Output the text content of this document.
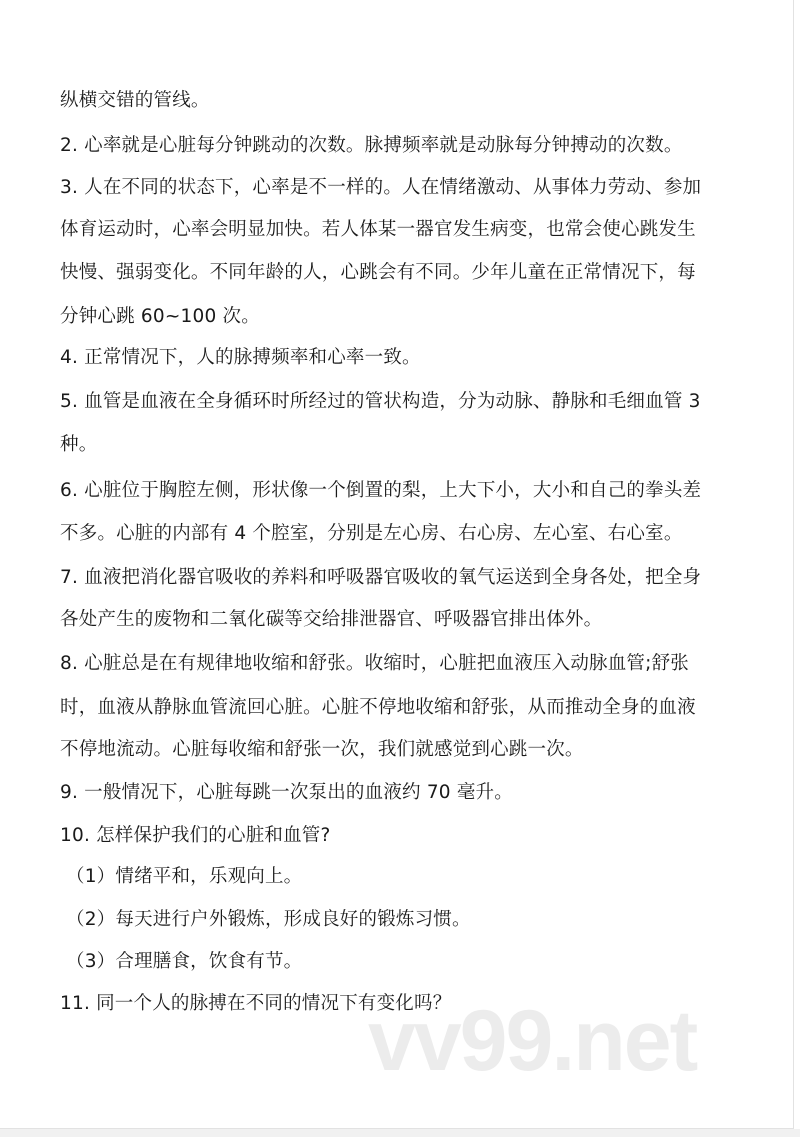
纵横交错的管线。
2. 心率就是心脏每分钟跳动的次数。脉搏频率就是动脉每分钟搏动的次数。
3. 人在不同的状态下，心率是不一样的。人在情绪激动、从事体力劳动、参加
体育运动时，心率会明显加快。若人体某一器官发生病变，也常会使心跳发生
快慢、强弱变化。不同年龄的人，心跳会有不同。少年儿童在正常情况下，每
分钟心跳 60~100 次。
4. 正常情况下，人的脉搏频率和心率一致。
5. 血管是血液在全身循环时所经过的管状构造，分为动脉、静脉和毛细血管 3
种。
6. 心脏位于胸腔左侧，形状像一个倒置的梨，上大下小，大小和自己的拳头差
不多。心脏的内部有 4 个腔室，分别是左心房、右心房、左心室、右心室。
7. 血液把消化器官吸收的养料和呼吸器官吸收的氧气运送到全身各处，把全身
各处产生的废物和二氧化碳等交给排泄器官、呼吸器官排出体外。
8. 心脏总是在有规律地收缩和舒张。收缩时，心脏把血液压入动脉血管;舒张
时，血液从静脉血管流回心脏。心脏不停地收缩和舒张，从而推动全身的血液
不停地流动。心脏每收缩和舒张一次，我们就感觉到心跳一次。
9. 一般情况下，心脏每跳一次泵出的血液约 70 毫升。
10. 怎样保护我们的心脏和血管?
（1）情绪平和，乐观向上。
（2）每天进行户外锻炼，形成良好的锻炼习惯。
（3）合理膳食，饮食有节。
11. 同一个人的脉搏在不同的情况下有变化吗？
vv99.net
